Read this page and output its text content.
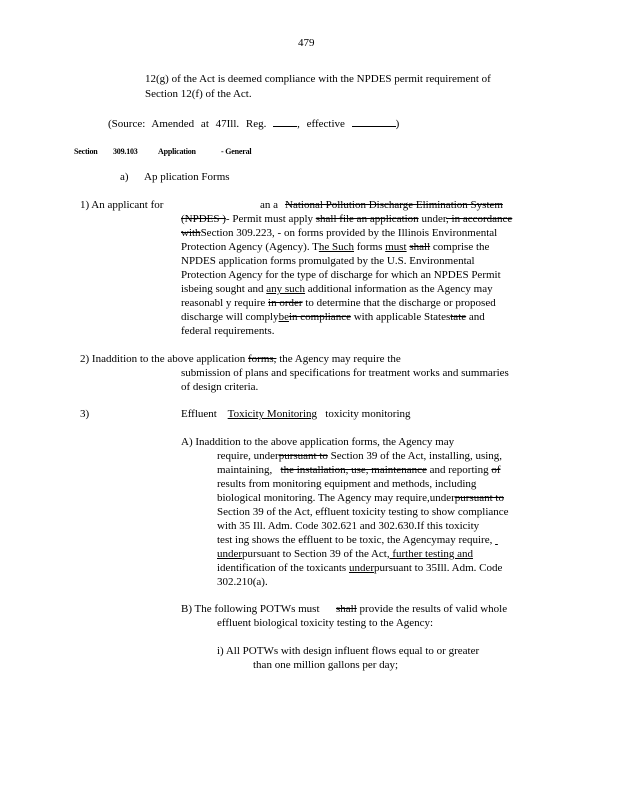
479
12(g) of the Act is deemed compliance with the NPDES permit requirement of
Section 12(f) of the Act.
(Source: Amended at 47Ill. Reg.	, effective	)
Section 309.103	Application	- General
a) Ap plication Forms
1) An applicant for	an a National Pollution Discharge Elimination System
(NPDES )- Permit must apply shall file an application under, in accordance
withSection 309.223, - on forms provided by the Illinois Environmental
Protection Agency (Agency). The Such forms must shall comprise the
NPDES application forms promulgated by the U.S. Environmental
Protection Agency for the type of discharge for which an NPDES Permit
isbeing sought and any such additional information as the Agency may
reasonabl y require in order to determine that the discharge or proposed
discharge will complybein compliance with applicable Statestate and
federal requirements.
2) Inaddition to the above application forms, the Agency may require the
submission of plans and specifications for treatment works and summaries
of design criteria.
3)	Effluent Toxicity Monitoring toxicity monitoring
A) Inaddition to the above application forms, the Agency may
require, underpursuant to Section 39 of the Act, installing, using,
maintaining, the installation, use, maintenance and reporting of
results from monitoring equipment and methods, including
biological monitoring. The Agency may require,underpursuant to
Section 39 of the Act, effluent toxicity testing to show compliance
with 35 Ill. Adm. Code 302.621 and 302.630.If this toxicity
test ing shows the effluent to be toxic, the Agencymay require,
underpursuant to Section 39 of the Act, further testing and
identification of the toxicants underpursuant to 35Ill. Adm. Code
302.210(a).
B) The following POTWs must shall provide the results of valid whole
effluent biological toxicity testing to the Agency:
i) All POTWs with design influent flows equal to or greater
than one million gallons per day;
